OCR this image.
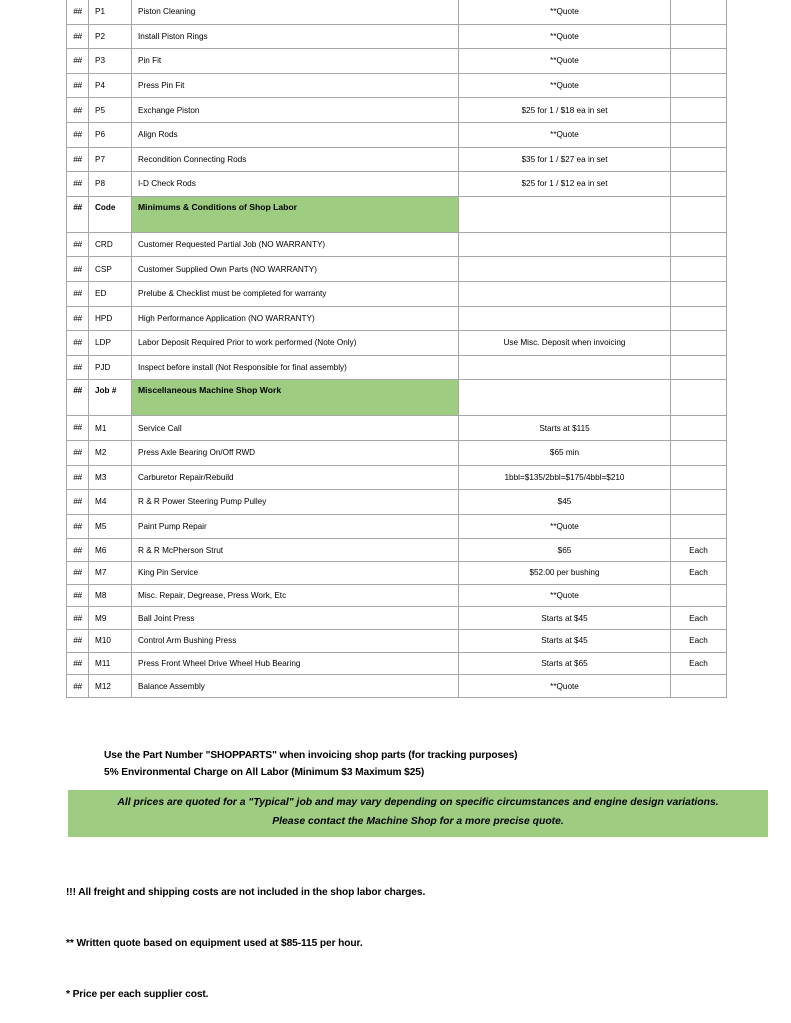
##	P1	Piston Cleaning	**Quote	
##	P2	Install Piston Rings	**Quote	
##	P3	Pin Fit	**Quote	
##	P4	Press Pin Fit	**Quote	
##	P5	Exchange Piston	$25 for 1 / $18 ea in set	
##	P6	Align Rods	**Quote	
##	P7	Recondition Connecting Rods	$35 for 1 / $27 ea in set	
##	P8	I-D Check Rods	$25 for 1 / $12 ea in set	
##	Code	Minimums & Conditions of Shop Labor		
##	CRD	Customer Requested Partial Job (NO WARRANTY)		
##	CSP	Customer Supplied Own Parts (NO WARRANTY)		
##	ED	Prelube & Checklist must be completed for warranty		
##	HPD	High Performance Application (NO WARRANTY)		
##	LDP	Labor Deposit Required Prior to work performed (Note Only)	Use Misc. Deposit when invoicing	
##	PJD	Inspect before install (Not Responsible for final assembly)		
##	Job #	Miscellaneous Machine Shop Work		
##	M1	Service Call	Starts at $115	
##	M2	Press Axle Bearing On/Off RWD	$65 min	
##	M3	Carburetor Repair/Rebuild	1bbl=$135/2bbl=$175/4bbl=$210	
##	M4	R & R Power Steering Pump Pulley	$45	
##	M5	Paint Pump Repair	**Quote	
##	M6	R & R McPherson Strut	$65	Each
##	M7	King Pin Service	$52.00 per bushing	Each
##	M8	Misc. Repair, Degrease, Press Work, Etc	**Quote	
##	M9	Ball Joint Press	Starts at $45	Each
##	M10	Control Arm Bushing Press	Starts at $45	Each
##	M11	Press Front Wheel Drive Wheel Hub Bearing	Starts at $65	Each
##	M12	Balance Assembly	**Quote	
Use the Part Number "SHOPPARTS" when invoicing shop parts (for tracking purposes)
5% Environmental Charge on All Labor (Minimum $3 Maximum $25)
All prices are quoted for a "Typical" job and may vary depending on specific circumstances and engine design variations. Please contact the Machine Shop for a more precise quote.
!!! All freight and shipping costs are not included in the shop labor charges.
** Written quote based on equipment used at $85-115 per hour.
* Price per each supplier cost.
